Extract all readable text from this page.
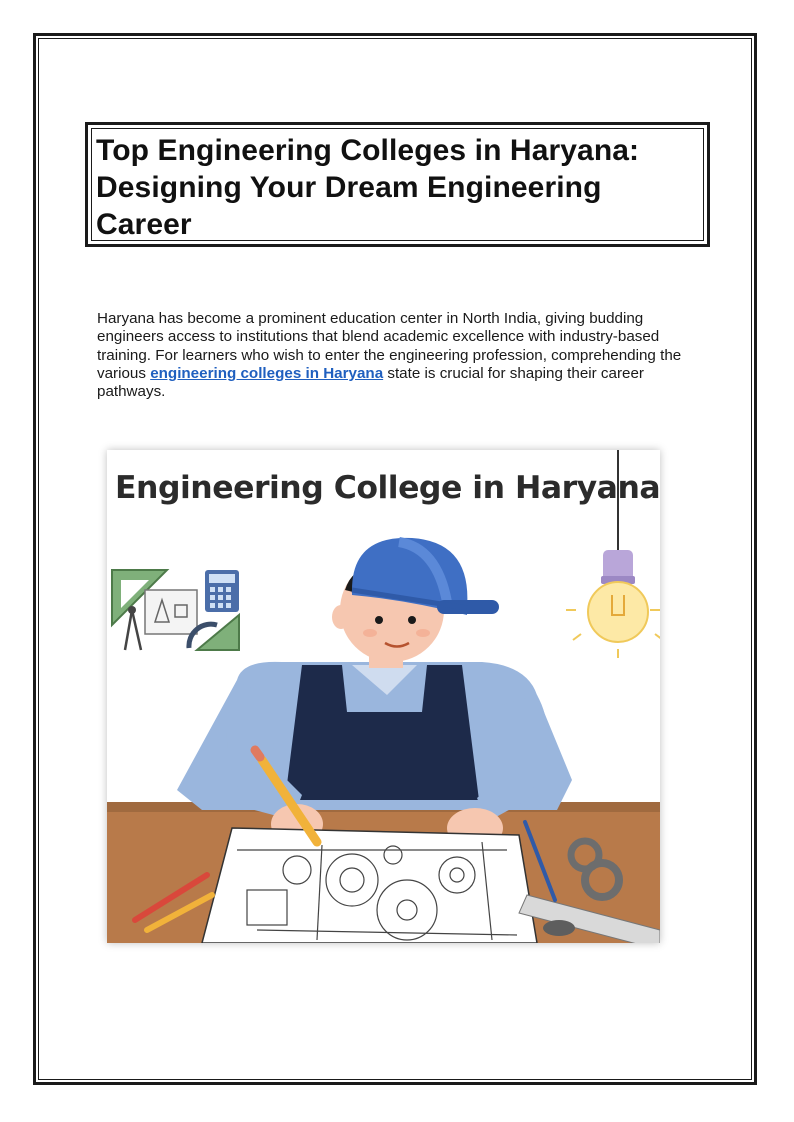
Top Engineering Colleges in Haryana: Designing Your Dream Engineering Career

Haryana has become a prominent education center in North India, giving budding engineers access to institutions that blend academic excellence with industry-based training. For learners who wish to enter the engineering profession, comprehending the various engineering colleges in Haryana state is crucial for shaping their career pathways.

Engineering College in Haryana
